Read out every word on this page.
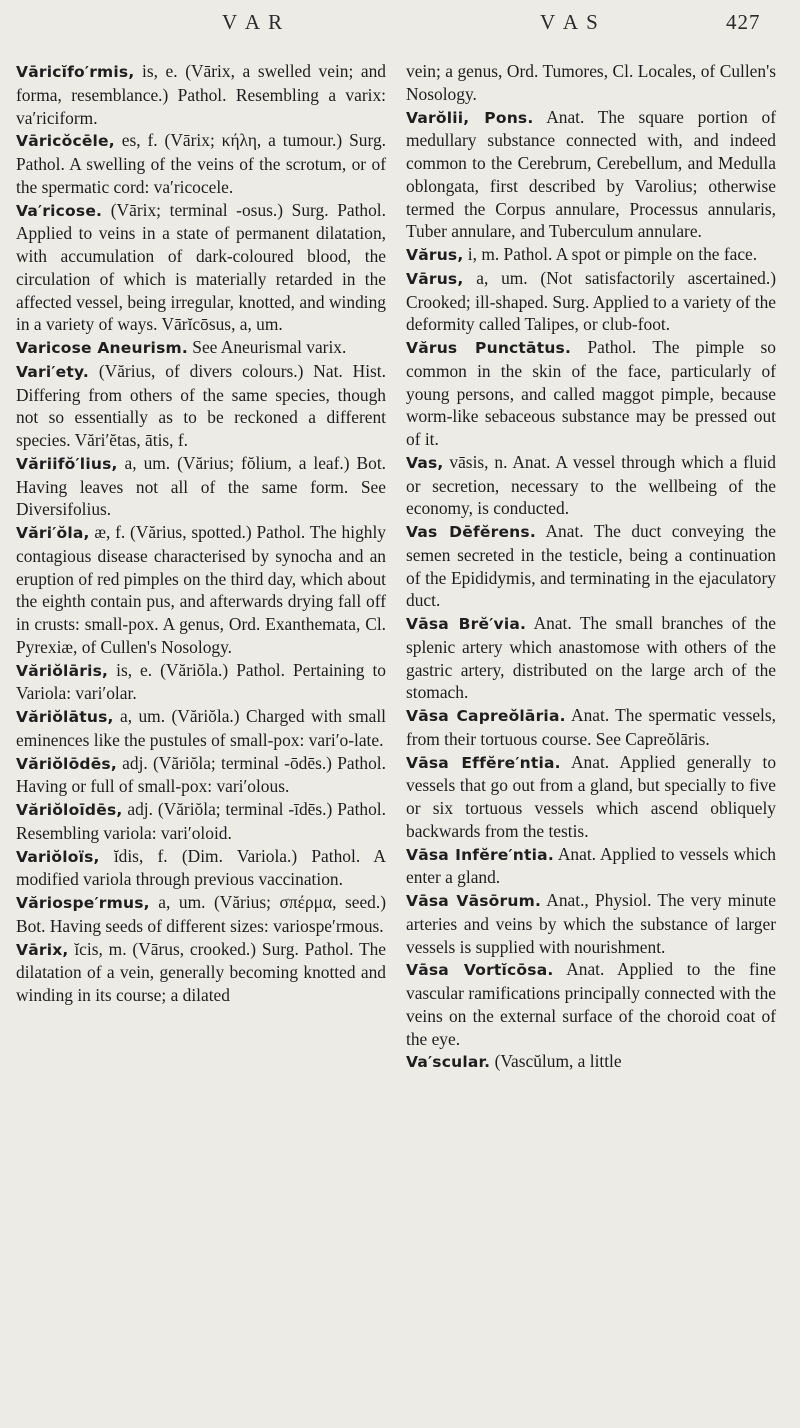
V A R	V A S	427

Vāricĭfo′rmis, is, e. (Vārix, a swelled vein; and forma, resemblance.) Pathol. Resembling a varix: va′riciform.

Vāricŏcēle, es, f. (Vārix; κήλη, a tumour.) Surg. Pathol. A swelling of the veins of the scrotum, or of the spermatic cord: va′ricocele.

Va′ricose. (Vārix; terminal -osus.) Surg. Pathol. Applied to veins in a state of permanent dilatation, with accumulation of dark-coloured blood, the circulation of which is materially retarded in the affected vessel, being irregular, knotted, and winding in a variety of ways. Vārĭcōsus, a, um.

Varicose Aneurism. See Aneurismal varix.

Vari′ety. (Vărius, of divers colours.) Nat. Hist. Differing from others of the same species, though not so essentially as to be reckoned a different species. Vări′ĕtas, ātis, f.

Văriifŏ′lius, a, um. (Vărius; fŏlium, a leaf.) Bot. Having leaves not all of the same form. See Diversifolius.

Vări′ŏla, æ, f. (Vărius, spotted.) Pathol. The highly contagious disease characterised by synocha and an eruption of red pimples on the third day, which about the eighth contain pus, and afterwards drying fall off in crusts: small-pox. A genus, Ord. Exanthemata, Cl. Pyrexiæ, of Cullen's Nosology.

Văriŏlāris, is, e. (Văriŏla.) Pathol. Pertaining to Variola: vari′olar.

Văriŏlātus, a, um. (Văriŏla.) Charged with small eminences like the pustules of small-pox: vari′o-late.

Văriŏlōdēs, adj. (Văriŏla; terminal -ōdēs.) Pathol. Having or full of small-pox: vari′olous.

Văriŏloīdēs, adj. (Văriŏla; terminal -īdēs.) Pathol. Resembling variola: vari′oloid.

Variŏloïs, ĭdis, f. (Dim. Variola.) Pathol. A modified variola through previous vaccination.

Văriospe′rmus, a, um. (Vărius; σπέρμα, seed.) Bot. Having seeds of different sizes: variospe′rmous.

Vārix, ĭcis, m. (Vārus, crooked.) Surg. Pathol. The dilatation of a vein, generally becoming knotted and winding in its course; a dilated

vein; a genus, Ord. Tumores, Cl. Locales, of Cullen's Nosology.

Varŏlii, Pons. Anat. The square portion of medullary substance connected with, and indeed common to the Cerebrum, Cerebellum, and Medulla oblongata, first described by Varolius; otherwise termed the Corpus annulare, Processus annularis, Tuber annulare, and Tuberculum annulare.

Vărus, i, m. Pathol. A spot or pimple on the face.

Vārus, a, um. (Not satisfactorily ascertained.) Crooked; ill-shaped. Surg. Applied to a variety of the deformity called Talipes, or club-foot.

Vărus Punctātus. Pathol. The pimple so common in the skin of the face, particularly of young persons, and called maggot pimple, because worm-like sebaceous substance may be pressed out of it.

Vas, vāsis, n. Anat. A vessel through which a fluid or secretion, necessary to the wellbeing of the economy, is conducted.

Vas Dēfĕrens. Anat. The duct conveying the semen secreted in the testicle, being a continuation of the Epididymis, and terminating in the ejaculatory duct.

Vāsa Brĕ′via. Anat. The small branches of the splenic artery which anastomose with others of the gastric artery, distributed on the large arch of the stomach.

Vāsa Capreŏlāria. Anat. The spermatic vessels, from their tortuous course. See Capreŏlāris.

Vāsa Effĕre′ntia. Anat. Applied generally to vessels that go out from a gland, but specially to five or six tortuous vessels which ascend obliquely backwards from the testis.

Vāsa Infĕre′ntia. Anat. Applied to vessels which enter a gland.

Vāsa Vāsōrum. Anat., Physiol. The very minute arteries and veins by which the substance of larger vessels is supplied with nourishment.

Vāsa Vortĭcōsa. Anat. Applied to the fine vascular ramifications principally connected with the veins on the external surface of the choroid coat of the eye.

Va′scular. (Vascŭlum, a little
